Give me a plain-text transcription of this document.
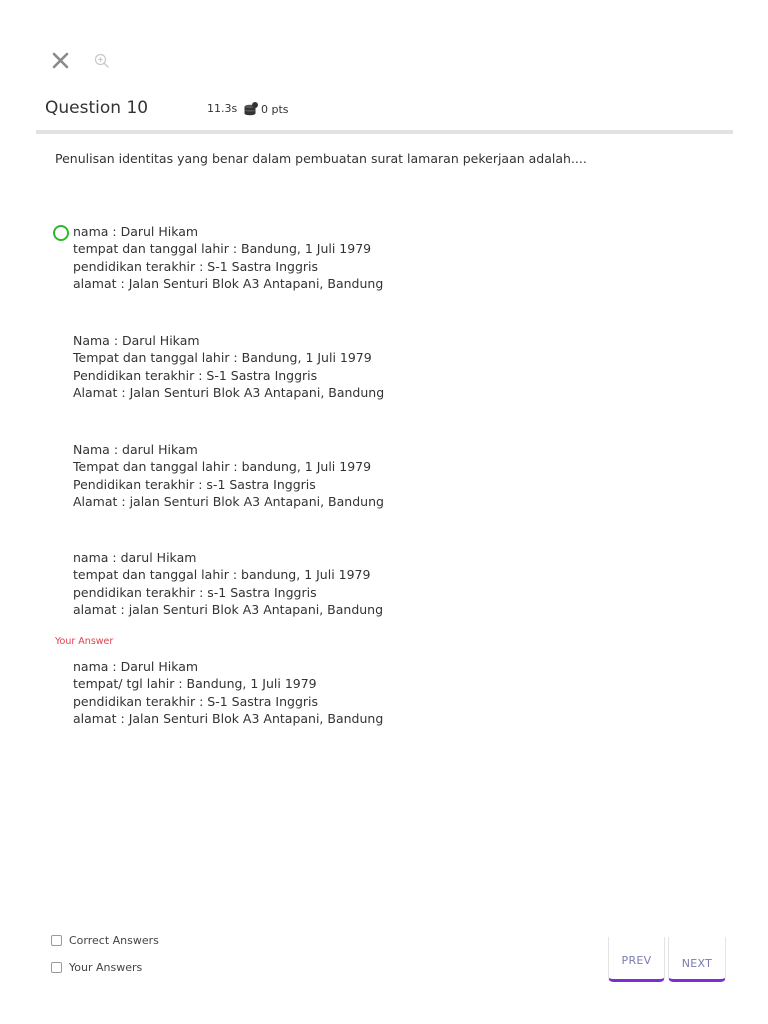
Question 10	11.3s 0 pts
Penulisan identitas yang benar dalam pembuatan surat lamaran pekerjaan adalah....
nama : Darul Hikam
tempat dan tanggal lahir : Bandung, 1 Juli 1979
pendidikan terakhir : S-1 Sastra Inggris
alamat : Jalan Senturi Blok A3 Antapani, Bandung
Nama : Darul Hikam
Tempat dan tanggal lahir : Bandung, 1 Juli 1979
Pendidikan terakhir : S-1 Sastra Inggris
Alamat : Jalan Senturi Blok A3 Antapani, Bandung
Nama : darul Hikam
Tempat dan tanggal lahir : bandung, 1 Juli 1979
Pendidikan terakhir : s-1 Sastra Inggris
Alamat : jalan Senturi Blok A3 Antapani, Bandung
nama : darul Hikam
tempat dan tanggal lahir : bandung, 1 Juli 1979
pendidikan terakhir : s-1 Sastra Inggris
alamat : jalan Senturi Blok A3 Antapani, Bandung
Your Answer
nama : Darul Hikam
tempat/ tgl lahir : Bandung, 1 Juli 1979
pendidikan terakhir : S-1 Sastra Inggris
alamat : Jalan Senturi Blok A3 Antapani, Bandung
Correct Answers
Your Answers
PREV	NEXT
